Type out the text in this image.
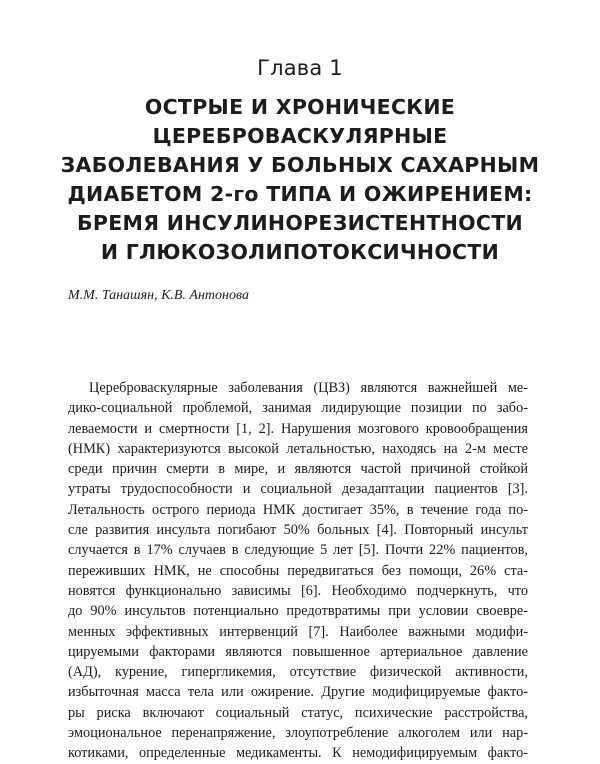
Глава 1
ОСТРЫЕ И ХРОНИЧЕСКИЕ
ЦЕРЕБРОВАСКУЛЯРНЫЕ
ЗАБОЛЕВАНИЯ У БОЛЬНЫХ САХАРНЫМ
ДИАБЕТОМ 2-го ТИПА И ОЖИРЕНИЕМ:
БРЕМЯ ИНСУЛИНОРЕЗИСТЕНТНОСТИ
И ГЛЮКОЗОЛИПОТОКСИЧНОСТИ
М.М. Танашян, К.В. Антонова
Цереброваскулярные заболевания (ЦВЗ) являются важнейшей ме-
дико-социальной проблемой, занимая лидирующие позиции по забо-
леваемости и смертности [1, 2]. Нарушения мозгового кровообращения
(НМК) характеризуются высокой летальностью, находясь на 2-м месте
среди причин смерти в мире, и являются частой причиной стойкой
утраты трудоспособности и социальной дезадаптации пациентов [3].
Летальность острого периода НМК достигает 35%, в течение года по-
сле развития инсульта погибают 50% больных [4]. Повторный инсульт
случается в 17% случаев в следующие 5 лет [5]. Почти 22% пациентов,
переживших НМК, не способны передвигаться без помощи, 26% ста-
новятся функционально зависимы [6]. Необходимо подчеркнуть, что
до 90% инсультов потенциально предотвратимы при условии своевре-
менных эффективных интервенций [7]. Наиболее важными модифи-
цируемыми факторами являются повышенное артериальное давление
(АД), курение, гипергликемия, отсутствие физической активности,
избыточная масса тела или ожирение. Другие модифицируемые факто-
ры риска включают социальный статус, психические расстройства,
эмоциональное перенапряжение, злоупотребление алкоголем или нар-
котиками, определенные медикаменты. К немодифицируемым факто-
